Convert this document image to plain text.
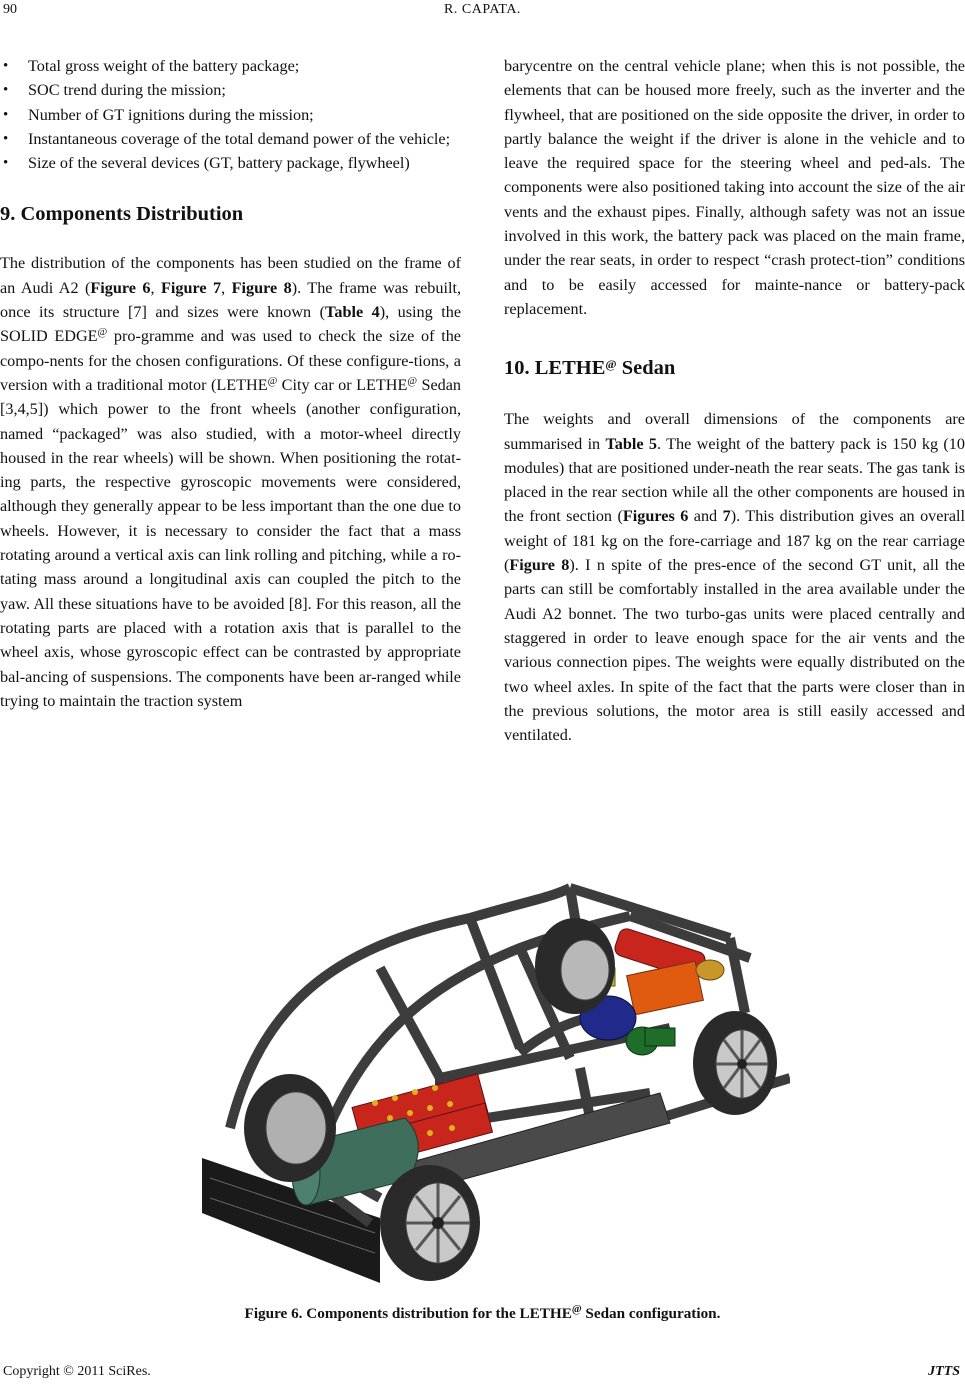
90	R. CAPATA.
• Total gross weight of the battery package;
• SOC trend during the mission;
• Number of GT ignitions during the mission;
• Instantaneous coverage of the total demand power of the vehicle;
• Size of the several devices (GT, battery package, flywheel)
9. Components Distribution

The distribution of the components has been studied on the frame of an Audi A2 (Figure 6, Figure 7, Figure 8). The frame was rebuilt, once its structure [7] and sizes were known (Table 4), using the SOLID EDGE@ pro-gramme and was used to check the size of the compo-nents for the chosen configurations. Of these configure-tions, a version with a traditional motor (LETHE@ City car or LETHE@ Sedan [3,4,5]) which power to the front wheels (another configuration, named “packaged” was also studied, with a motor-wheel directly housed in the rear wheels) will be shown. When positioning the rotat-ing parts, the respective gyroscopic movements were considered, although they generally appear to be less important than the one due to wheels. However, it is necessary to consider the fact that a mass rotating around a vertical axis can link rolling and pitching, while a ro-tating mass around a longitudinal axis can coupled the pitch to the yaw. All these situations have to be avoided [8]. For this reason, all the rotating parts are placed with a rotation axis that is parallel to the wheel axis, whose gyroscopic effect can be contrasted by appropriate bal-ancing of suspensions. The components have been ar-ranged while trying to maintain the traction system

barycentre on the central vehicle plane; when this is not possible, the elements that can be housed more freely, such as the inverter and the flywheel, that are positioned on the side opposite the driver, in order to partly balance the weight if the driver is alone in the vehicle and to leave the required space for the steering wheel and ped-als. The components were also positioned taking into account the size of the air vents and the exhaust pipes. Finally, although safety was not an issue involved in this work, the battery pack was placed on the main frame, under the rear seats, in order to respect “crash protect-tion” conditions and to be easily accessed for mainte-nance or battery-pack replacement.

10. LETHE@ Sedan

The weights and overall dimensions of the components are summarised in Table 5. The weight of the battery pack is 150 kg (10 modules) that are positioned under-neath the rear seats. The gas tank is placed in the rear section while all the other components are housed in the front section (Figures 6 and 7). This distribution gives an overall weight of 181 kg on the fore-carriage and 187 kg on the rear carriage (Figure 8). I n spite of the pres-ence of the second GT unit, all the parts can still be comfortably installed in the area available under the Audi A2 bonnet. The two turbo-gas units were placed centrally and staggered in order to leave enough space for the air vents and the various connection pipes. The weights were equally distributed on the two wheel axles. In spite of the fact that the parts were closer than in the previous solutions, the motor area is still easily accessed and ventilated.

Figure 6. Components distribution for the LETHE@ Sedan configuration.
Copyright © 2011 SciRes.	JTTS
